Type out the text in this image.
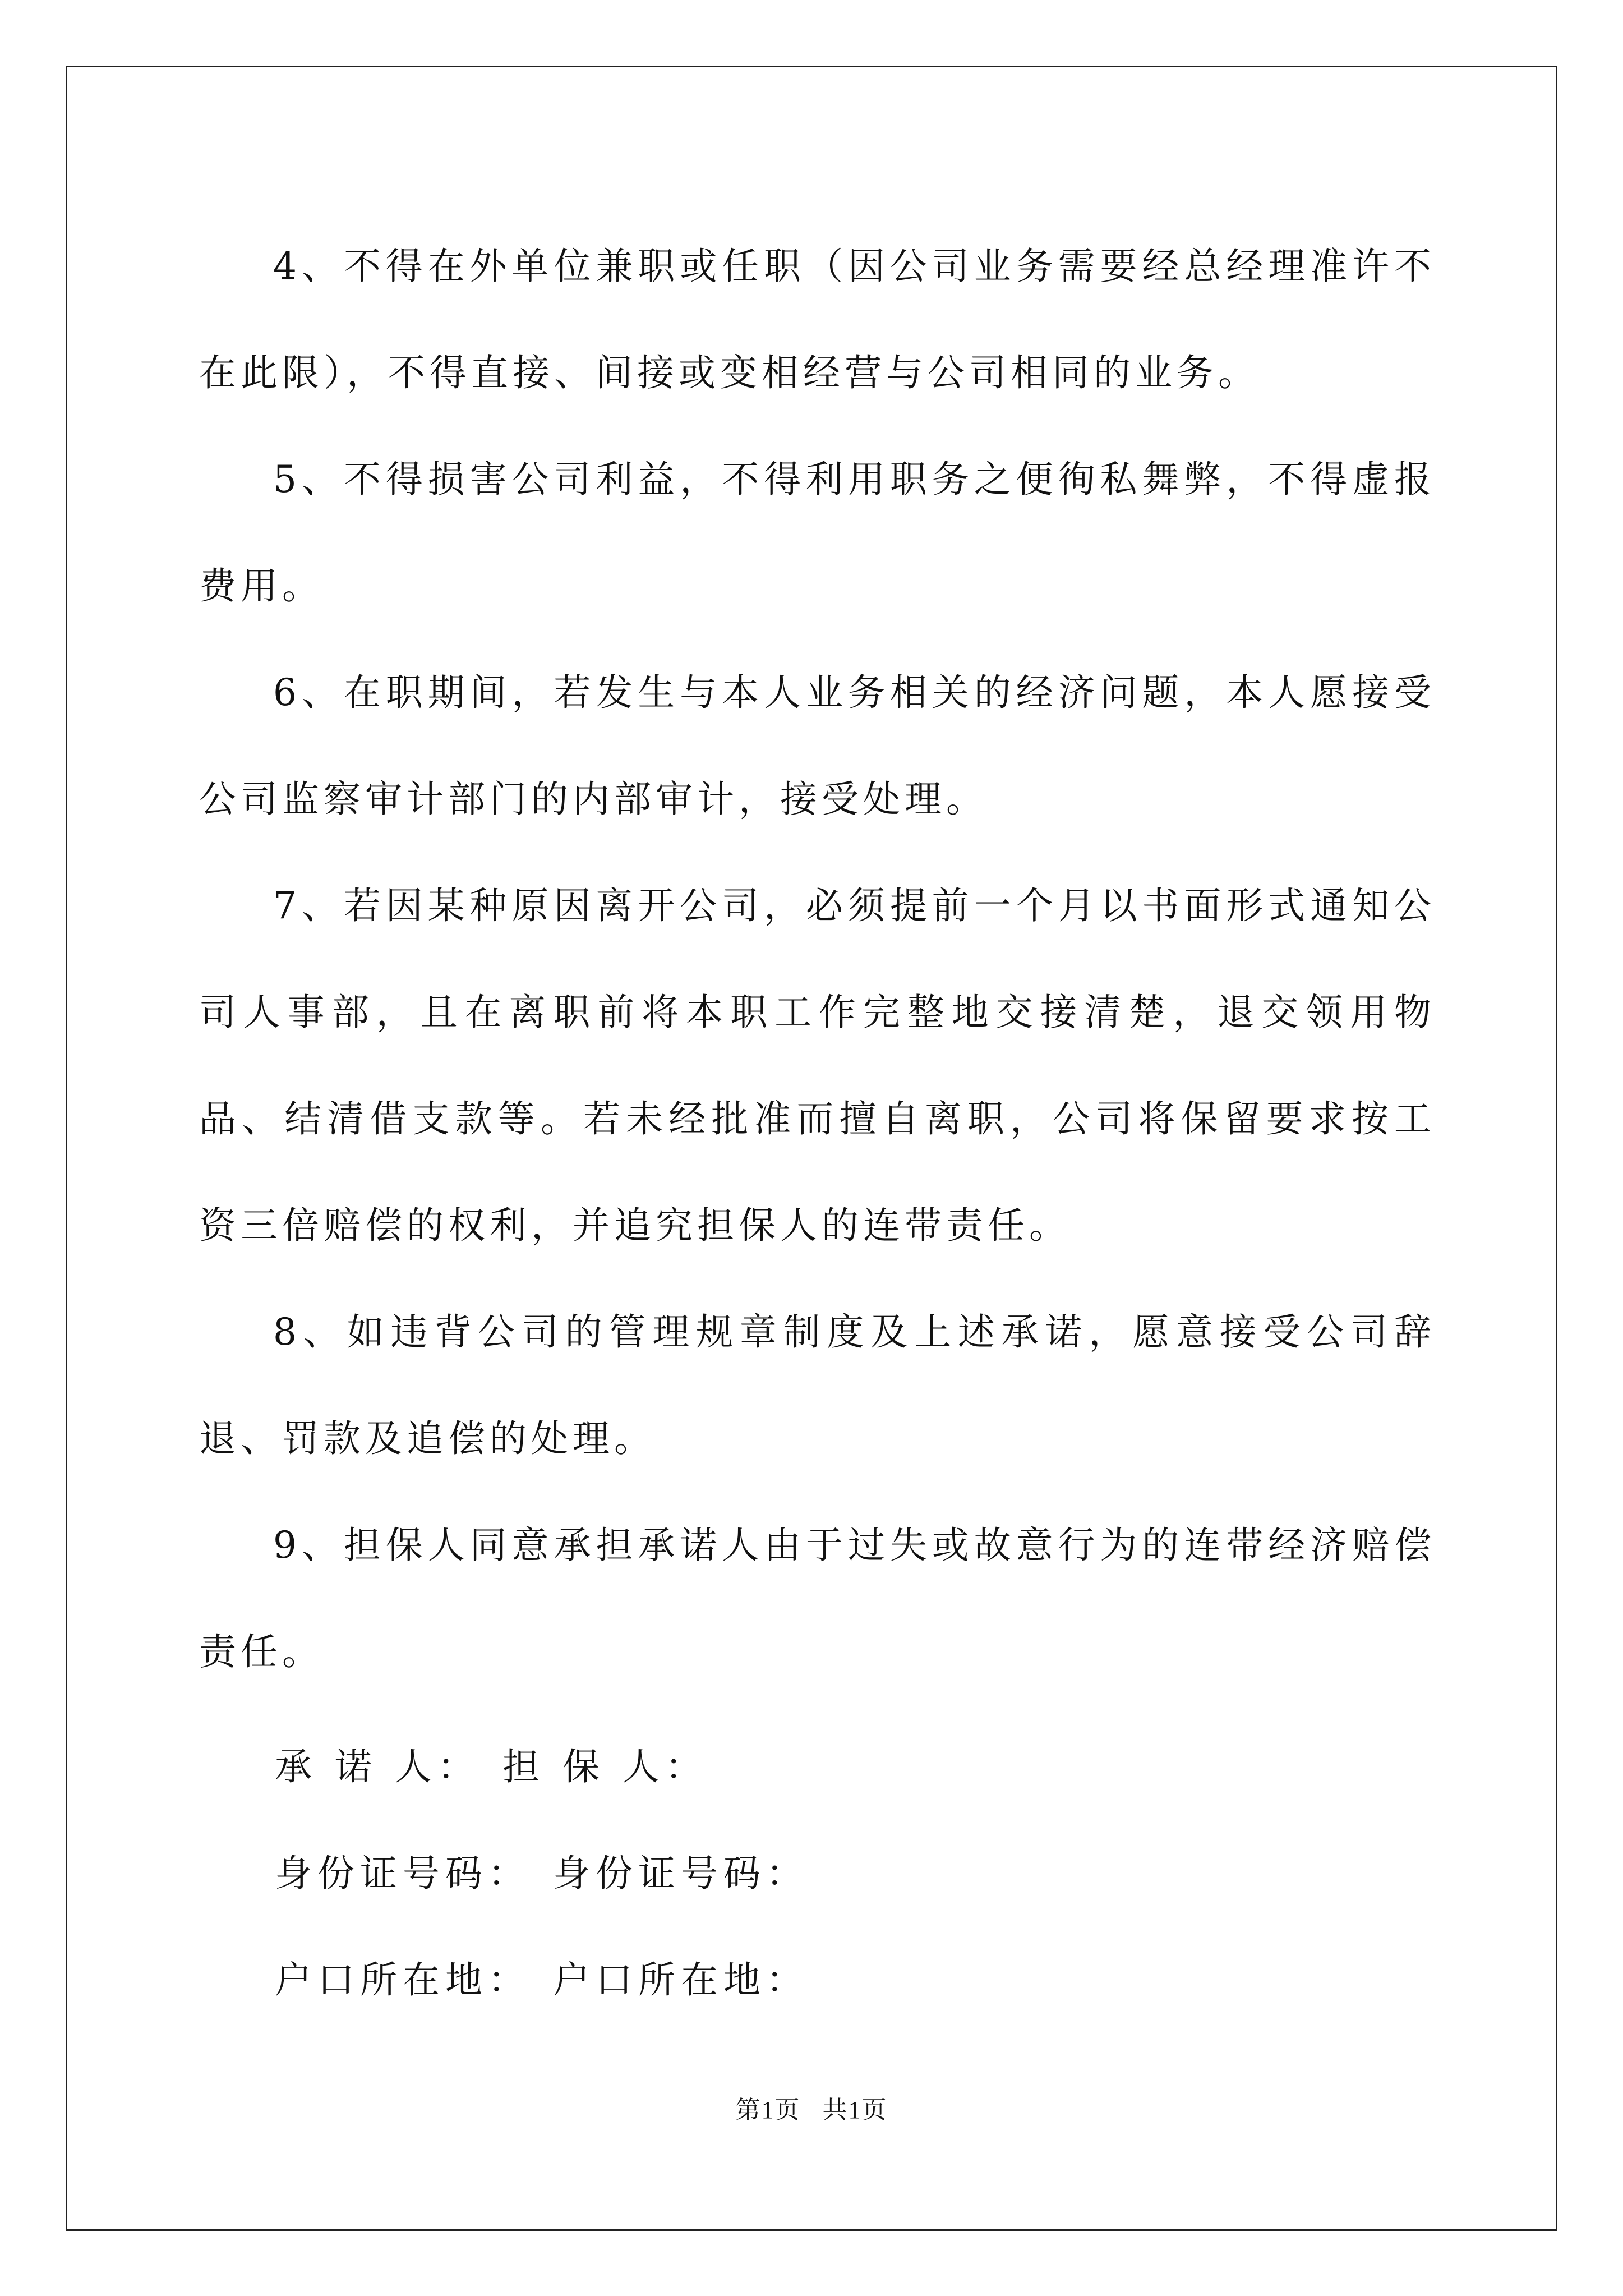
4、不得在外单位兼职或任职（因公司业务需要经总经理准许不在此限），不得直接、间接或变相经营与公司相同的业务。

5、不得损害公司利益，不得利用职务之便徇私舞弊，不得虚报费用。

6、在职期间，若发生与本人业务相关的经济问题，本人愿接受公司监察审计部门的内部审计，接受处理。

7、若因某种原因离开公司，必须提前一个月以书面形式通知公司人事部，且在离职前将本职工作完整地交接清楚，退交领用物品、结清借支款等。若未经批准而擅自离职，公司将保留要求按工资三倍赔偿的权利，并追究担保人的连带责任。

8、如违背公司的管理规章制度及上述承诺，愿意接受公司辞退、罚款及追偿的处理。

9、担保人同意承担承诺人由于过失或故意行为的连带经济赔偿责任。

承 诺 人： 担 保 人：

身份证号码： 身份证号码：

户口所在地： 户口所在地：

第1页 共1页
